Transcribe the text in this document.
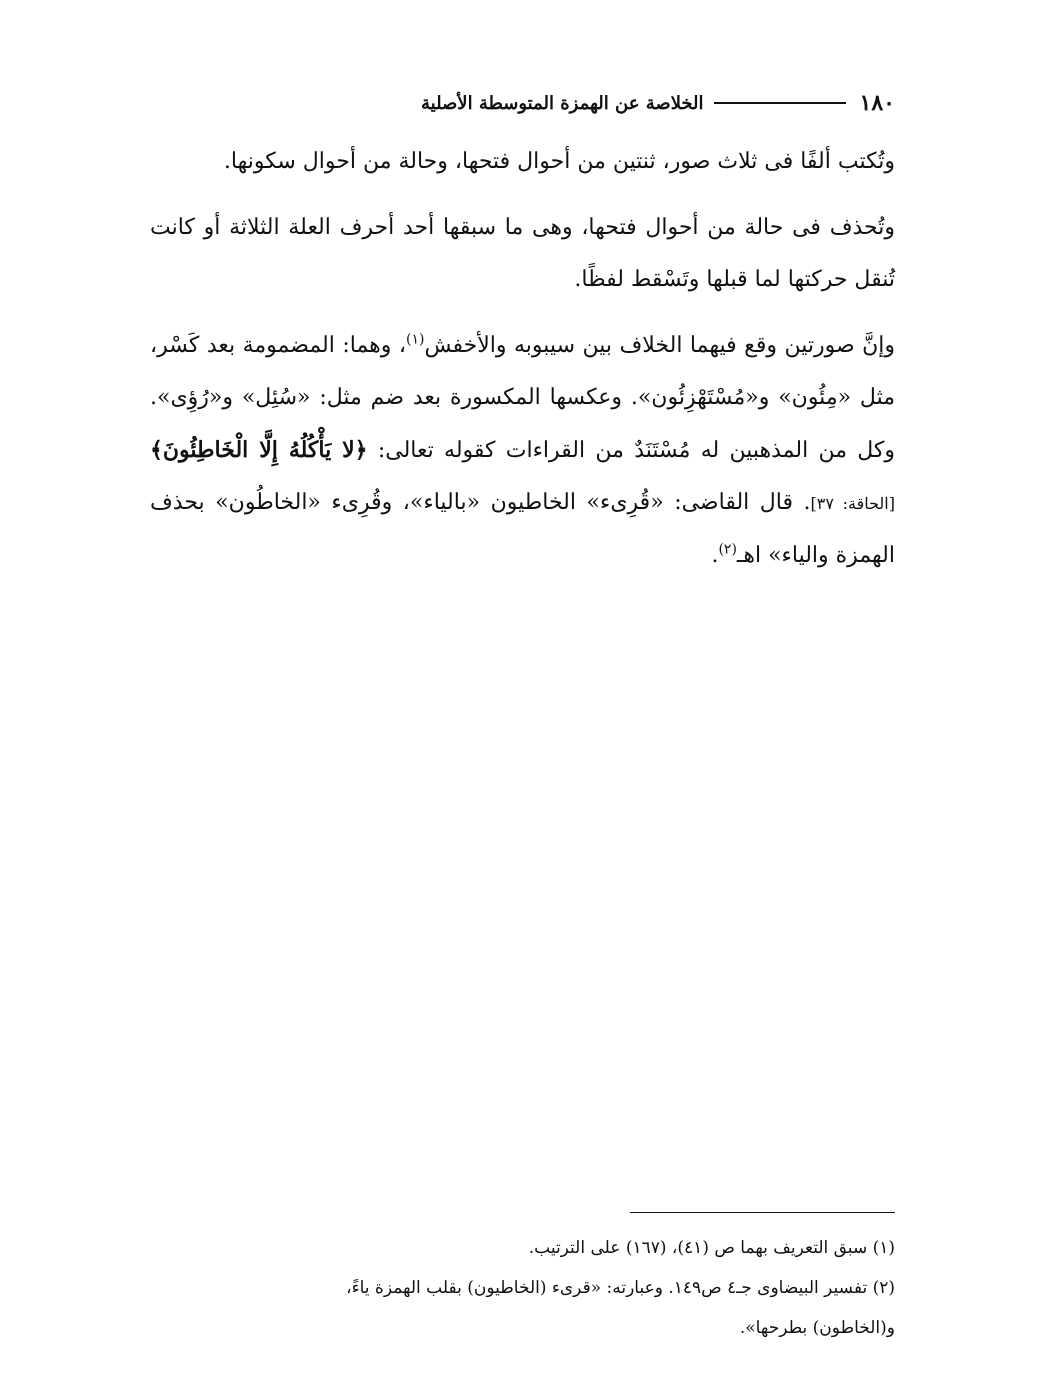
١٨٠
الخلاصة عن الهمزة المتوسطة الأصلية

وتُكتب ألفًا فى ثلاث صور، ثنتين من أحوال فتحها، وحالة من أحوال سكونها.

وتُحذف فى حالة من أحوال فتحها، وهى ما سبقها أحد أحرف العلة الثلاثة أو كانت تُنقل حركتها لما قبلها وتَسْقط لفظًا.

وإنَّ صورتين وقع فيهما الخلاف بين سيبوبه والأخفش$^{(١)}$، وهما: المضمومة بعد كَسْر، مثل «مِئُون» و«مُسْتَهْزِئُون». وعكسها المكسورة بعد ضم مثل: «سُئِل» و«رُؤِى». وكل من المذهبين له مُسْتَنَدٌ من القراءات كقوله تعالى: ﴿لا يَأْكُلُهُ إِلَّا الْخَاطِئُونَ﴾ [الحاقة: ٣٧]. قال القاضى: «قُرِىء» الخاطيون «بالياء»، وقُرِىء «الخاطُون» بحذف الهمزة والياء» اهـ$^{(٢)}$.

(١) سبق التعريف بهما ص (٤١)، (١٦٧) على الترتيب.

(٢) تفسير البيضاوى جـ٤ ص١٤٩. وعبارته: «قرىء (الخاطيون) بقلب الهمزة ياءً،

و(الخاطون) بطرحها».
